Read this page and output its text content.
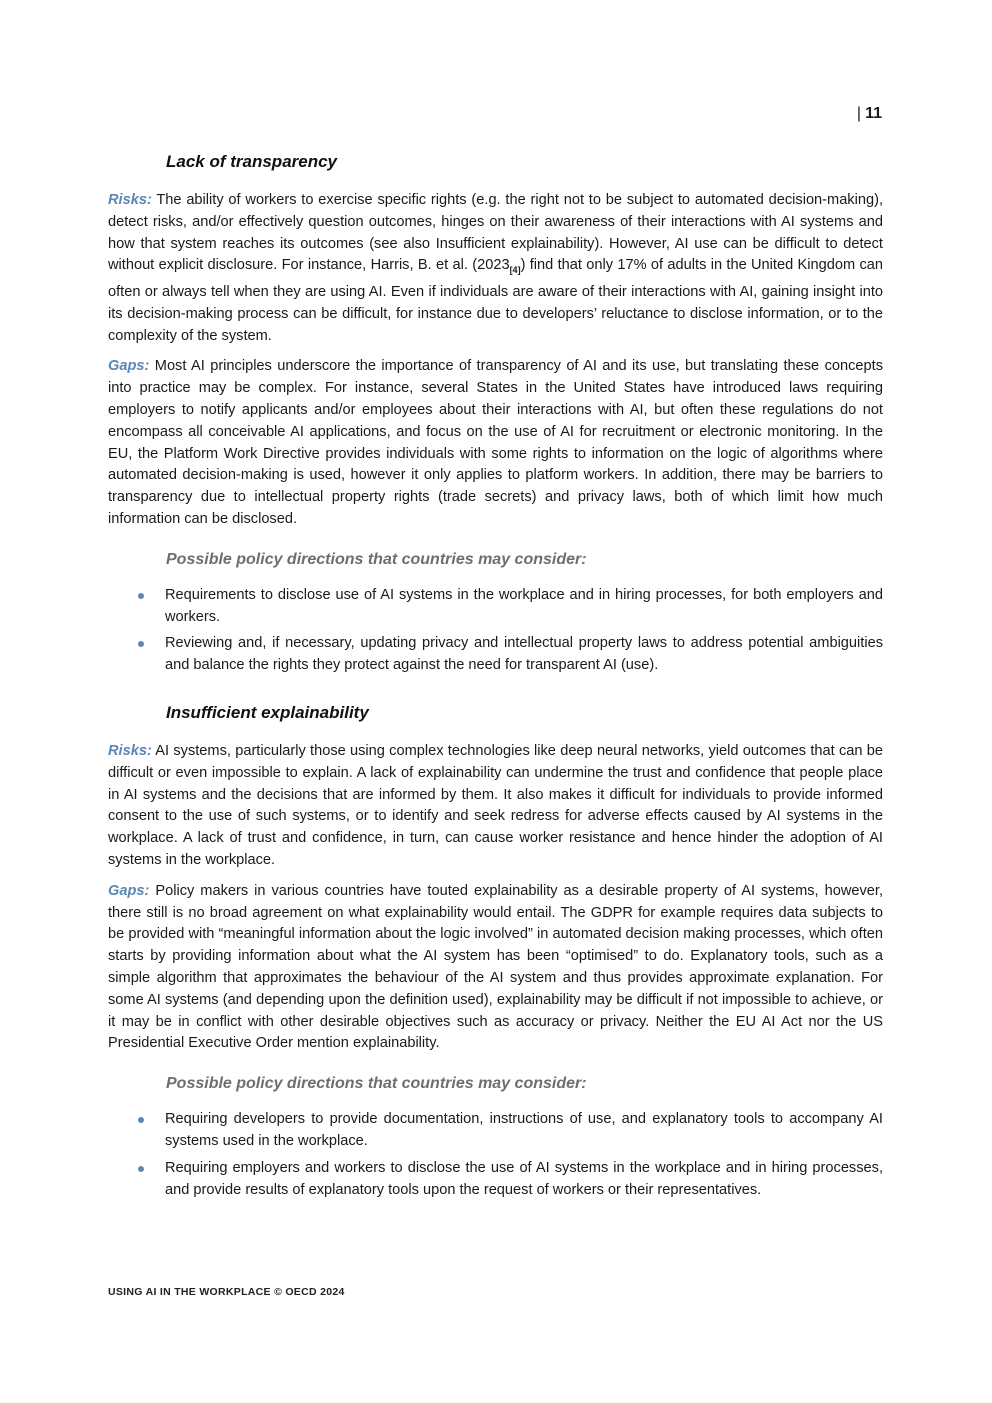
| 11
Lack of transparency

Risks: The ability of workers to exercise specific rights (e.g. the right not to be subject to automated decision-making), detect risks, and/or effectively question outcomes, hinges on their awareness of their interactions with AI systems and how that system reaches its outcomes (see also Insufficient explainability). However, AI use can be difficult to detect without explicit disclosure. For instance, Harris, B. et al. $(2023_{[4]})$ find that only 17% of adults in the United Kingdom can often or always tell when they are using AI. Even if individuals are aware of their interactions with AI, gaining insight into its decision-making process can be difficult, for instance due to developers’ reluctance to disclose information, or to the complexity of the system.

Gaps: Most AI principles underscore the importance of transparency of AI and its use, but translating these concepts into practice may be complex. For instance, several States in the United States have introduced laws requiring employers to notify applicants and/or employees about their interactions with AI, but often these regulations do not encompass all conceivable AI applications, and focus on the use of AI for recruitment or electronic monitoring. In the EU, the Platform Work Directive provides individuals with some rights to information on the logic of algorithms where automated decision-making is used, however it only applies to platform workers. In addition, there may be barriers to transparency due to intellectual property rights (trade secrets) and privacy laws, both of which limit how much information can be disclosed.

Possible policy directions that countries may consider:
Requirements to disclose use of AI systems in the workplace and in hiring processes, for both employers and workers.
Reviewing and, if necessary, updating privacy and intellectual property laws to address potential ambiguities and balance the rights they protect against the need for transparent AI (use).
Insufficient explainability

Risks: AI systems, particularly those using complex technologies like deep neural networks, yield outcomes that can be difficult or even impossible to explain. A lack of explainability can undermine the trust and confidence that people place in AI systems and the decisions that are informed by them. It also makes it difficult for individuals to provide informed consent to the use of such systems, or to identify and seek redress for adverse effects caused by AI systems in the workplace. A lack of trust and confidence, in turn, can cause worker resistance and hence hinder the adoption of AI systems in the workplace.

Gaps: Policy makers in various countries have touted explainability as a desirable property of AI systems, however, there still is no broad agreement on what explainability would entail. The GDPR for example requires data subjects to be provided with “meaningful information about the logic involved” in automated decision making processes, which often starts by providing information about what the AI system has been “optimised” to do. Explanatory tools, such as a simple algorithm that approximates the behaviour of the AI system and thus provides approximate explanation. For some AI systems (and depending upon the definition used), explainability may be difficult if not impossible to achieve, or it may be in conflict with other desirable objectives such as accuracy or privacy. Neither the EU AI Act nor the US Presidential Executive Order mention explainability.

Possible policy directions that countries may consider:
Requiring developers to provide documentation, instructions of use, and explanatory tools to accompany AI systems used in the workplace.
Requiring employers and workers to disclose the use of AI systems in the workplace and in hiring processes, and provide results of explanatory tools upon the request of workers or their representatives.
USING AI IN THE WORKPLACE © OECD 2024
